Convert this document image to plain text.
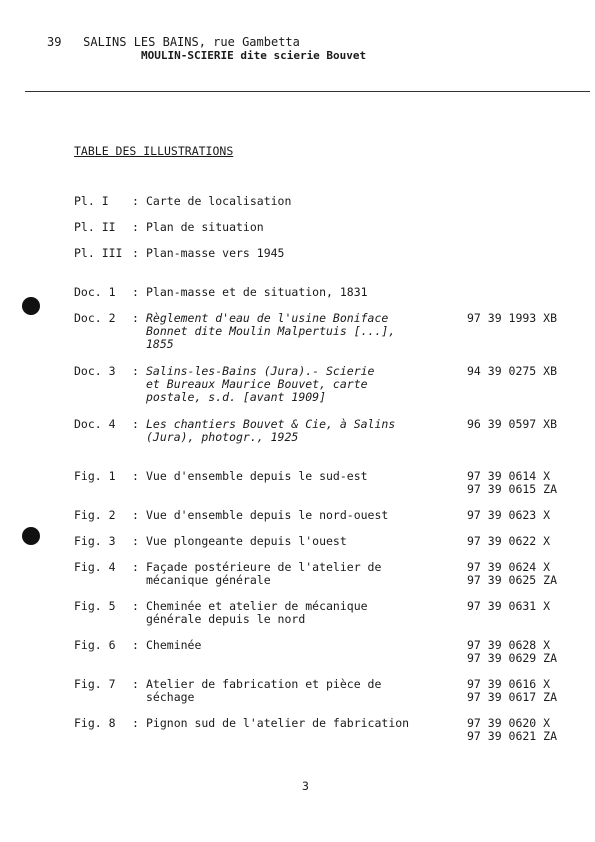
39   SALINS LES BAINS, rue Gambetta
MOULIN-SCIERIE dite scierie Bouvet
TABLE DES ILLUSTRATIONS
Pl. I : Carte de localisation
Pl. II : Plan de situation
Pl. III : Plan-masse vers 1945
Doc. 1 : Plan-masse et de situation, 1831
Doc. 2 : Règlement d'eau de l'usine Boniface
Bonnet dite Moulin Malpertuis [...],
1855
97 39 1993 XB
Doc. 3 : Salins-les-Bains (Jura).- Scierie
et Bureaux Maurice Bouvet, carte
postale, s.d. [avant 1909]
94 39 0275 XB
Doc. 4 : Les chantiers Bouvet & Cie, à Salins
(Jura), photogr., 1925
96 39 0597 XB
Fig. 1 : Vue d'ensemble depuis le sud-est	97 39 0614 X
97 39 0615 ZA
Fig. 2 : Vue d'ensemble depuis le nord-ouest	97 39 0623 X
Fig. 3 : Vue plongeante depuis l'ouest	97 39 0622 X
Fig. 4 : Façade postérieure de l'atelier de
mécanique générale
97 39 0624 X
97 39 0625 ZA
Fig. 5 : Cheminée et atelier de mécanique
générale depuis le nord
97 39 0631 X
Fig. 6 : Cheminée	97 39 0628 X
97 39 0629 ZA
Fig. 7 : Atelier de fabrication et pièce de
séchage
97 39 0616 X
97 39 0617 ZA
Fig. 8 : Pignon sud de l'atelier de fabrication	97 39 0620 X
97 39 0621 ZA
3
